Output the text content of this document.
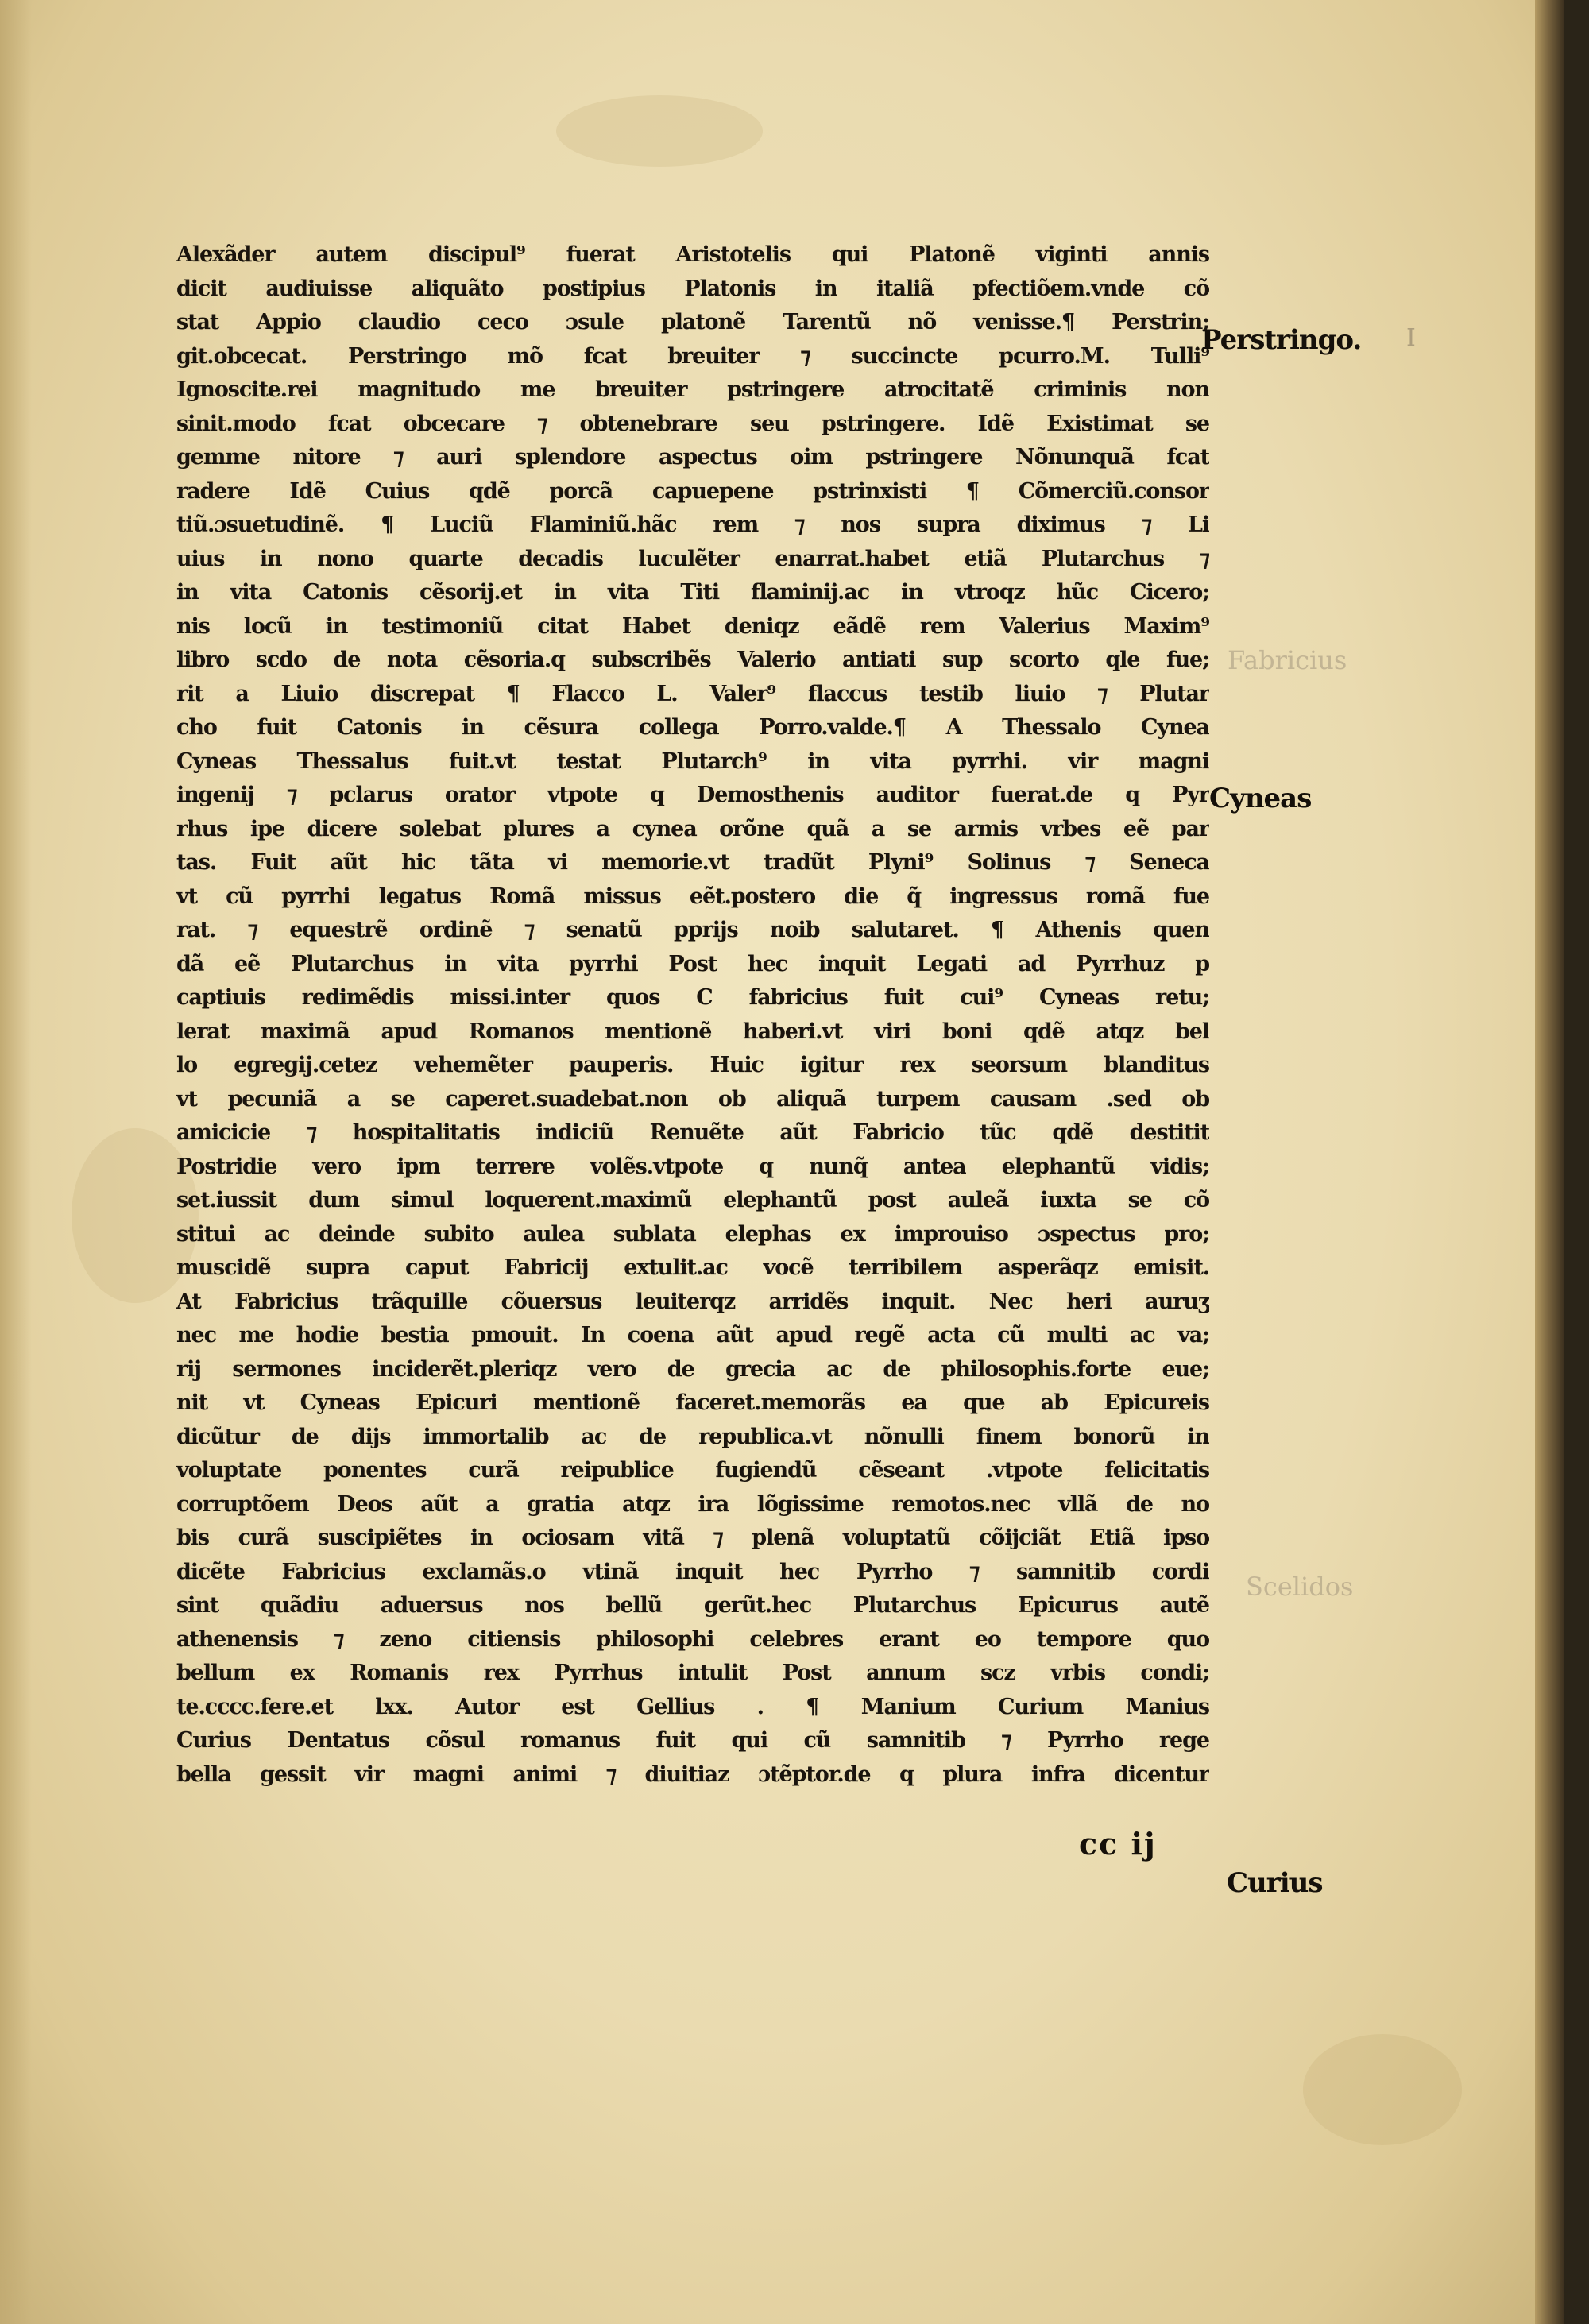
Alexãder autem discipul⁹ fuerat Aristotelis qui Platonẽ viginti annis
dicit audiuisse aliquãto postipius Platonis in italiã pfectiõem.vnde cõ
stat Appio claudio ceco ɔsule platonẽ Tarentũ nõ venisse.¶ Perstrin;
git.obcecat. Perstringo mõ fcat breuiter ⁊ succincte pcurro.M. Tulli⁹
Ignoscite.rei magnitudo me breuiter pstringere atrocitatẽ criminis non
sinit.modo fcat obcecare ⁊ obtenebrare seu pstringere. Idẽ Existimat se
gemme nitore ⁊ auri splendore aspectus oim pstringere Nõnunquã fcat
radere Idẽ Cuius qdẽ porcã capuepene pstrinxisti ¶ Cõmerciũ.consor
tiũ.ɔsuetudinẽ. ¶ Luciũ Flaminiũ.hãc rem ⁊ nos supra diximus ⁊ Li
uius in nono quarte decadis luculẽter enarrat.habet etiã Plutarchus ⁊
in vita Catonis cẽsorij.et in vita Titi flaminij.ac in vtroqz hũc Cicero;
nis locũ in testimoniũ citat Habet deniqz eãdẽ rem Valerius Maxim⁹
libro scdo de nota cẽsoria.q subscribẽs Valerio antiati sup scorto qle fue;
rit a Liuio discrepat ¶ Flacco L. Valer⁹ flaccus testib liuio ⁊ Plutar
cho fuit Catonis in cẽsura collega Porro.valde.¶ A Thessalo Cynea
Cyneas Thessalus fuit.vt testat Plutarch⁹ in vita pyrrhi. vir magni
ingenij ⁊ pclarus orator vtpote q Demosthenis auditor fuerat.de q Pyr
rhus ipe dicere solebat plures a cynea orõne quã a se armis vrbes eẽ par
tas. Fuit aũt hic tãta vi memorie.vt tradũt Plyni⁹ Solinus ⁊ Seneca
vt cũ pyrrhi legatus Romã missus eẽt.postero die q̃ ingressus romã fue
rat. ⁊ equestrẽ ordinẽ ⁊ senatũ pprijs noib salutaret. ¶ Athenis quen
dã eẽ Plutarchus in vita pyrrhi Post hec inquit Legati ad Pyrrhuz p
captiuis redimẽdis missi.inter quos C fabricius fuit cui⁹ Cyneas retu;
lerat maximã apud Romanos mentionẽ haberi.vt viri boni qdẽ atqz bel
lo egregij.cetez vehemẽter pauperis. Huic igitur rex seorsum blanditus
vt pecuniã a se caperet.suadebat.non ob aliquã turpem causam .sed ob
amicicie ⁊ hospitalitatis indiciũ Renuẽte aũt Fabricio tũc qdẽ destitit
Postridie vero ipm terrere volẽs.vtpote q nunq̃ antea elephantũ vidis;
set.iussit dum simul loquerent.maximũ elephantũ post auleã iuxta se cõ
stitui ac deinde subito aulea sublata elephas ex improuiso ɔspectus pro;
muscidẽ supra caput Fabricij extulit.ac vocẽ terribilem asperãqz emisit.
At Fabricius trãquille cõuersus leuiterqz arridẽs inquit. Nec heri auruʒ
nec me hodie bestia pmouit. In coena aũt apud regẽ acta cũ multi ac va;
rij sermones inciderẽt.pleriqz vero de grecia ac de philosophis.forte eue;
nit vt Cyneas Epicuri mentionẽ faceret.memorãs ea que ab Epicureis
dicũtur de dijs immortalib ac de republica.vt nõnulli finem bonorũ in
voluptate ponentes curã reipublice fugiendũ cẽseant .vtpote felicitatis
corruptõem Deos aũt a gratia atqz ira lõgissime remotos.nec vllã de no
bis curã suscipiẽtes in ociosam vitã ⁊ plenã voluptatũ cõijciãt Etiã ipso
dicẽte Fabricius exclamãs.o vtinã inquit hec Pyrrho ⁊ samnitib cordi
sint quãdiu aduersus nos bellũ gerũt.hec Plutarchus Epicurus autẽ
athenensis ⁊ zeno citiensis philosophi celebres erant eo tempore quo
bellum ex Romanis rex Pyrrhus intulit Post annum scz vrbis condi;
te.cccc.fere.et lxx. Autor est Gellius . ¶ Manium Curium Manius
Curius Dentatus cõsul romanus fuit qui cũ samnitib ⁊ Pyrrho rege
bella gessit vir magni animi ⁊ diuitiaz ɔtẽptor.de q plura infra dicentur
Perstringo.
Cyneas
Curius
Fabricius
Scelidos
I
cc ij
